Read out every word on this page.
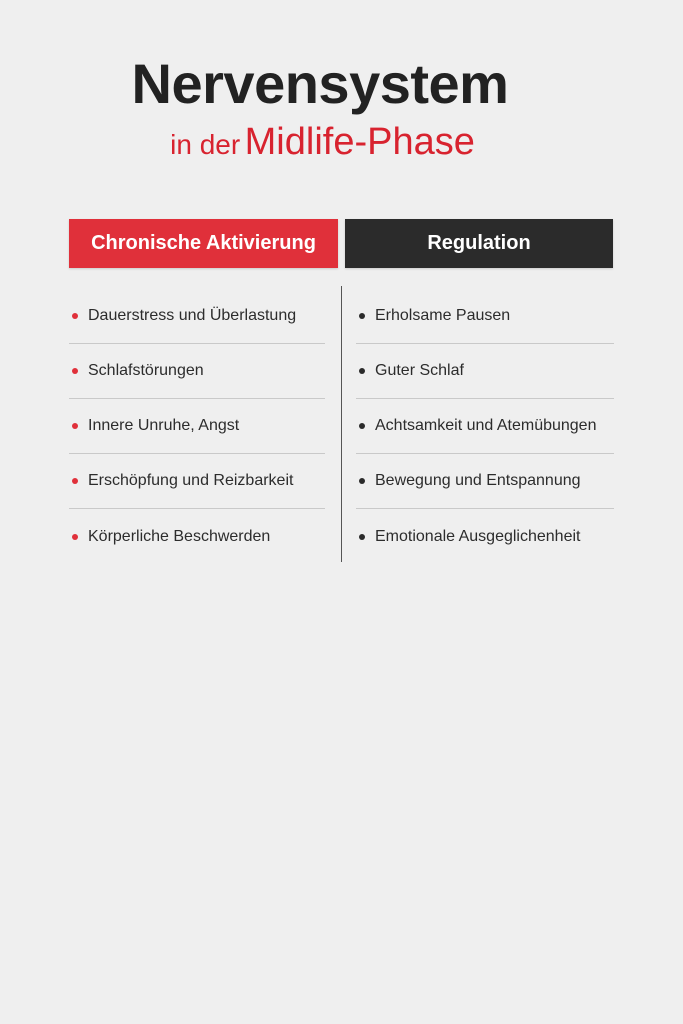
Nervensystem
in der Midlife-Phase
Chronische Aktivierung	Regulation
Dauerstress und Überlastung
Schlafstörungen
Innere Unruhe, Angst
Erschöpfung und Reizbarkeit
Körperliche Beschwerden
Erholsame Pausen
Guter Schlaf
Achtsamkeit und Atemübungen
Bewegung und Entspannung
Emotionale Ausgeglichenheit
